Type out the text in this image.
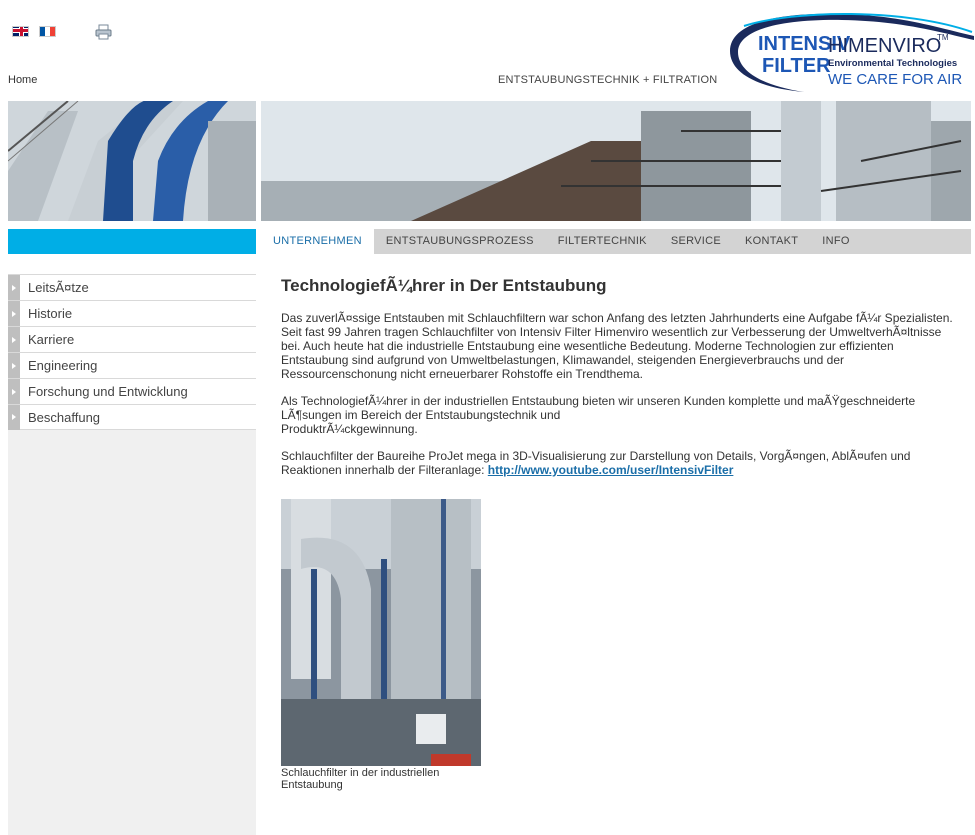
Home	ENTSTAUBUNGSTECHNIK + FILTRATION
INTENSIV
FILTER
HIMENVIRO
TM
Environmental Technologies
WE CARE FOR AIR
UNTERNEHMEN	ENTSTAUBUNGSPROZESS	FILTERTECHNIK	SERVICE	KONTAKT	INFO
LeitsÃ¤tze
Historie
Karriere
Engineering
Forschung und Entwicklung
Beschaffung
TechnologiefÃ¼hrer in Der Entstaubung

Das zuverlÃ¤ssige Entstauben mit Schlauchfiltern war schon Anfang des letzten Jahrhunderts eine Aufgabe fÃ¼r Spezialisten. Seit fast 99 Jahren tragen Schlauchfilter von Intensiv Filter Himenviro wesentlich zur Verbesserung der UmweltverhÃ¤ltnisse bei. Auch heute hat die industrielle Entstaubung eine wesentliche Bedeutung. Moderne Technologien zur effizienten Entstaubung sind aufgrund von Umweltbelastungen, Klimawandel, steigenden Energieverbrauchs und der Ressourcenschonung nicht erneuerbarer Rohstoffe ein Trendthema.

Als TechnologiefÃ¼hrer in der industriellen Entstaubung bieten wir unseren Kunden komplette und maÃŸgeschneiderte LÃ¶sungen im Bereich der Entstaubungstechnik und
ProduktrÃ¼ckgewinnung.

Schlauchfilter der Baureihe ProJet mega in 3D-Visualisierung zur Darstellung von Details, VorgÃ¤ngen, AblÃ¤ufen und Reaktionen innerhalb der Filteranlage: http://www.youtube.com/user/IntensivFilter

Schlauchfilter in der industriellen Entstaubung
